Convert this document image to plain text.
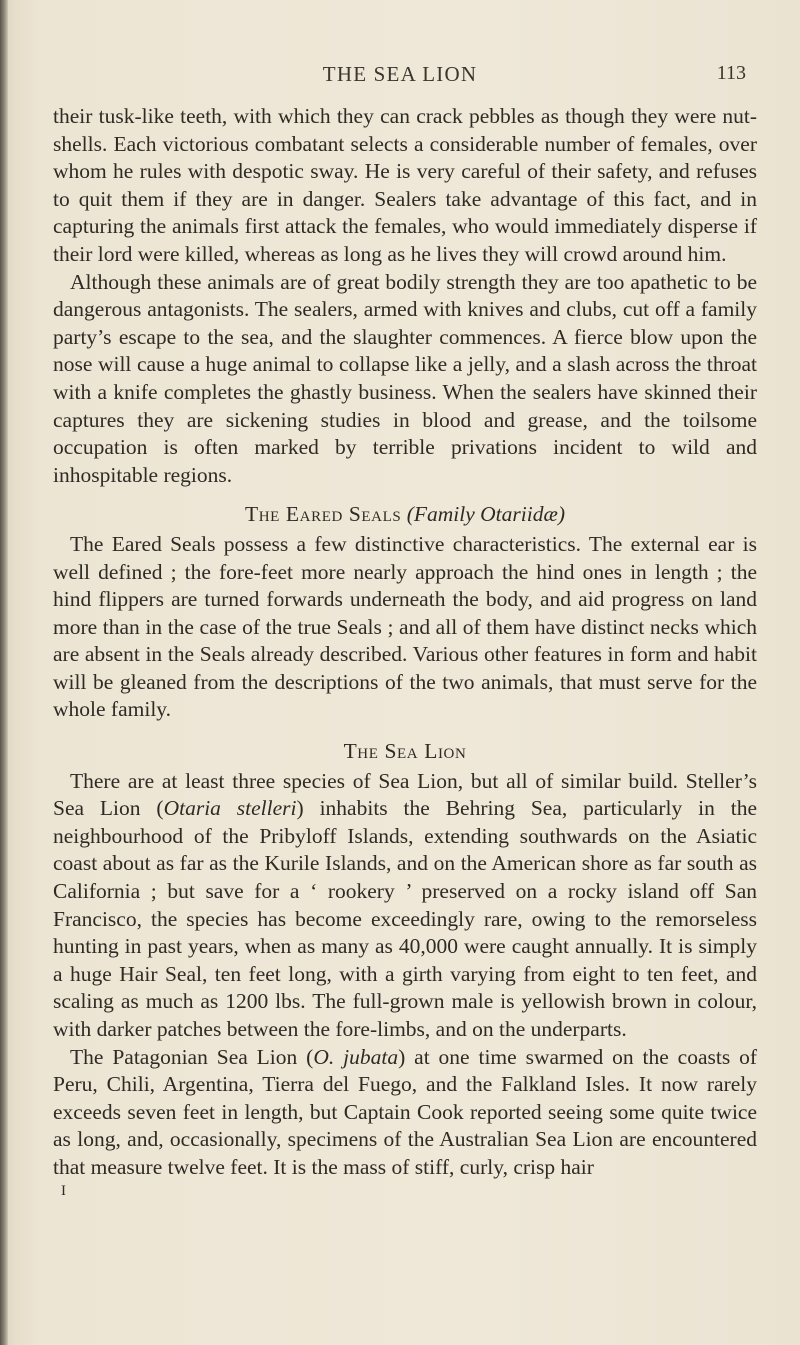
THE SEA LION	113

their tusk-like teeth, with which they can crack pebbles as though they were nut-shells. Each victorious combatant selects a considerable number of females, over whom he rules with despotic sway. He is very careful of their safety, and refuses to quit them if they are in danger. Sealers take advantage of this fact, and in capturing the animals first attack the females, who would immediately disperse if their lord were killed, whereas as long as he lives they will crowd around him.

Although these animals are of great bodily strength they are too apathetic to be dangerous antagonists. The sealers, armed with knives and clubs, cut off a family party’s escape to the sea, and the slaughter commences. A fierce blow upon the nose will cause a huge animal to collapse like a jelly, and a slash across the throat with a knife completes the ghastly business. When the sealers have skinned their captures they are sickening studies in blood and grease, and the toilsome occupation is often marked by terrible privations incident to wild and inhospitable regions.

The Eared Seals (Family Otariidæ)

The Eared Seals possess a few distinctive characteristics. The external ear is well defined ; the fore-feet more nearly approach the hind ones in length ; the hind flippers are turned forwards underneath the body, and aid progress on land more than in the case of the true Seals ; and all of them have distinct necks which are absent in the Seals already described. Various other features in form and habit will be gleaned from the descriptions of the two animals, that must serve for the whole family.

The Sea Lion

There are at least three species of Sea Lion, but all of similar build. Steller’s Sea Lion (Otaria stelleri) inhabits the Behring Sea, particularly in the neighbourhood of the Pribyloff Islands, extending southwards on the Asiatic coast about as far as the Kurile Islands, and on the American shore as far south as California ; but save for a ‘ rookery ’ preserved on a rocky island off San Francisco, the species has become exceedingly rare, owing to the remorseless hunting in past years, when as many as 40,000 were caught annually. It is simply a huge Hair Seal, ten feet long, with a girth varying from eight to ten feet, and scaling as much as 1200 lbs. The full-grown male is yellowish brown in colour, with darker patches between the fore-limbs, and on the underparts.

The Patagonian Sea Lion (O. jubata) at one time swarmed on the coasts of Peru, Chili, Argentina, Tierra del Fuego, and the Falkland Isles. It now rarely exceeds seven feet in length, but Captain Cook reported seeing some quite twice as long, and, occasionally, specimens of the Australian Sea Lion are encountered that measure twelve feet. It is the mass of stiff, curly, crisp hair

I
